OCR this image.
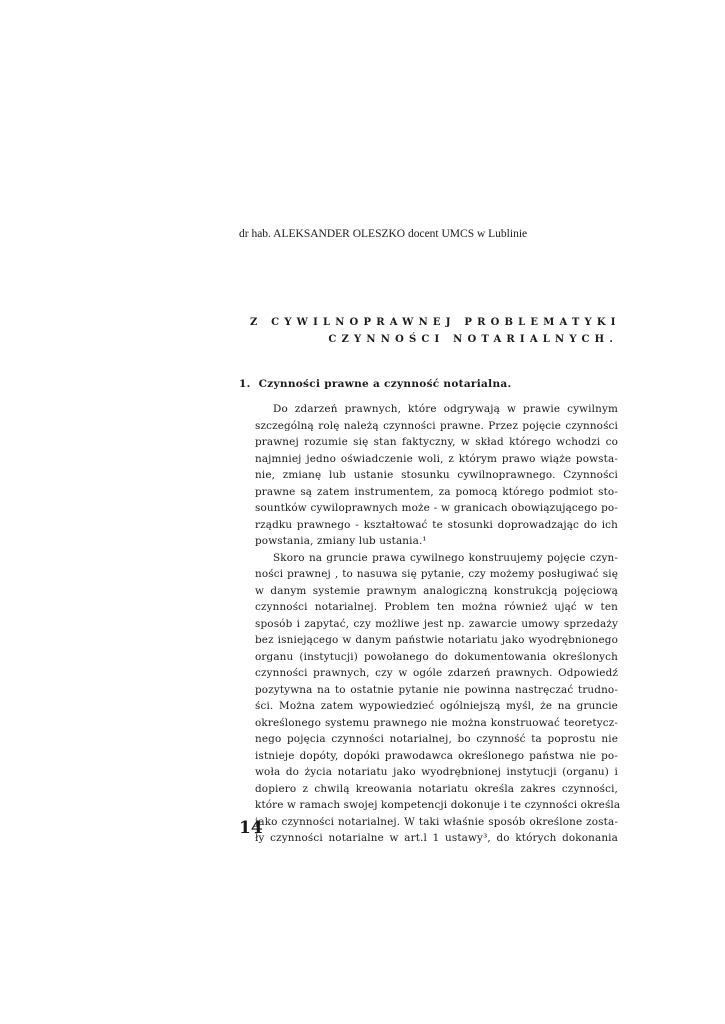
dr hab. ALEKSANDER OLESZKO docent UMCS w Lublinie
Z CYWILNOPRAWNEJ PROBLEMATYKI
CZYNNOŚCI NOTARIALNYCH.
1. Czynności prawne a czynność notarialna.
Do zdarzeń prawnych, które odgrywają w prawie cywilnym
szczególną rolę należą czynności prawne. Przez pojęcie czynności
prawnej rozumie się stan faktyczny, w skład którego wchodzi co
najmniej jedno oświadczenie woli, z którym prawo wiąże powsta-
nie, zmianę lub ustanie stosunku cywilnoprawnego. Czynności
prawne są zatem instrumentem, za pomocą którego podmiot sto-
sountków cywiloprawnych może - w granicach obowiązującego po-
rządku prawnego - kształtować te stosunki doprowadzając do ich
powstania, zmiany lub ustania.¹
Skoro na gruncie prawa cywilnego konstruujemy pojęcie czyn-
ności prawnej , to nasuwa się pytanie, czy możemy posługiwać się
w danym systemie prawnym analogiczną konstrukcją pojęciową
czynności notarialnej. Problem ten można również ująć w ten
sposób i zapytać, czy możliwe jest np. zawarcie umowy sprzedaży
bez isniejącego w danym państwie notariatu jako wyodrębnionego
organu (instytucji) powołanego do dokumentowania określonych
czynności prawnych, czy w ogóle zdarzeń prawnych. Odpowiedź
pozytywna na to ostatnie pytanie nie powinna nastręczać trudno-
ści. Można zatem wypowiedzieć ogólniejszą myśl, że na gruncie
określonego systemu prawnego nie można konstruować teoretycz-
nego pojęcia czynności notarialnej, bo czynność ta poprostu nie
istnieje dopóty, dopóki prawodawca określonego państwa nie po-
woła do życia notariatu jako wyodrębnionej instytucji (organu) i
dopiero z chwilą kreowania notariatu określa zakres czynności,
które w ramach swojej kompetencji dokonuje i te czynności określa
jako czynności notarialnej. W taki właśnie sposób określone zosta-
ły czynności notarialne w art.l 1 ustawy³, do których dokonania
14
